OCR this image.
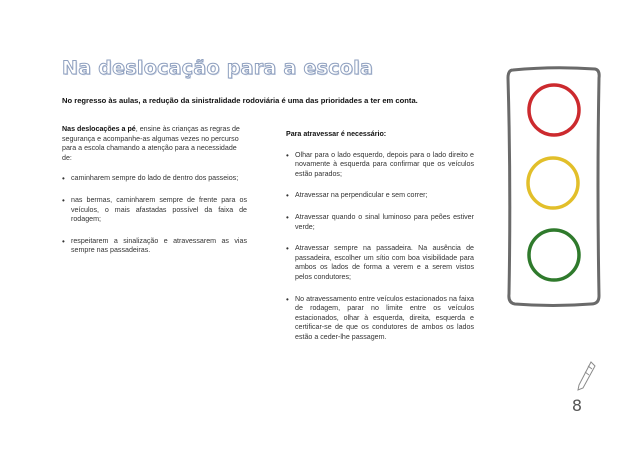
Na deslocação para a escola

No regresso às aulas, a redução da sinistralidade rodoviária é uma das prioridades a ter em conta.

Nas deslocações a pé, ensine às crianças as regras de segurança e acompanhe-as algumas vezes no percurso para a escola chamando a atenção para a necessidade de:

• caminharem sempre do lado de dentro dos passeios;
• nas bermas, caminharem sempre de frente para os veículos, o mais afastadas possível da faixa de rodagem;
• respeitarem a sinalização e atravessarem as vias sempre nas passadeiras.

Para atravessar é necessário:

• Olhar para o lado esquerdo, depois para o lado direito e novamente à esquerda para confirmar que os veículos estão parados;
• Atravessar na perpendicular e sem correr;
• Atravessar quando o sinal luminoso para peões estiver verde;
• Atravessar sempre na passadeira. Na ausência de passadeira, escolher um sítio com boa visibilidade para ambos os lados de forma a verem e a serem vistos pelos condutores;
• No atravessamento entre veículos estacionados na faixa de rodagem, parar no limite entre os veículos estacionados, olhar à esquerda, direita, esquerda e certificar-se de que os condutores de ambos os lados estão a ceder-lhe passagem.
8
